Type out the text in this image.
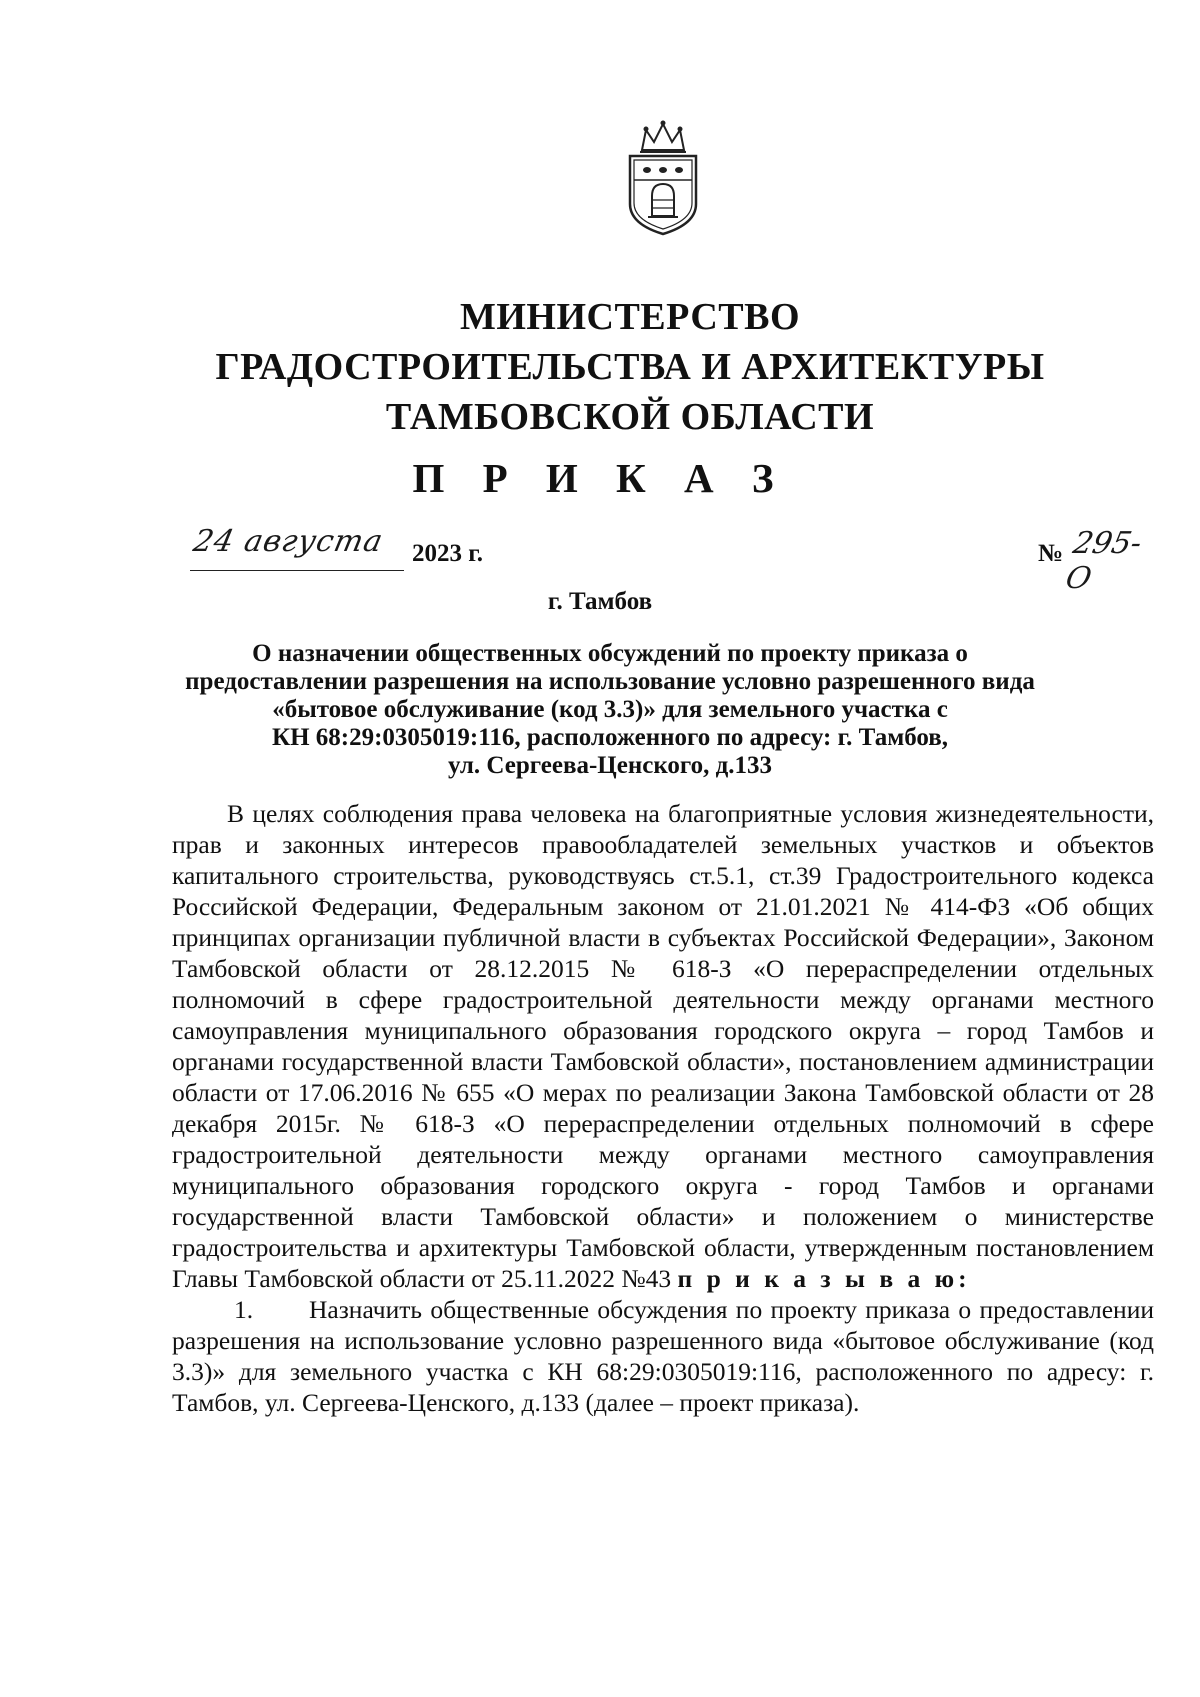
МИНИСТЕРСТВО
ГРАДОСТРОИТЕЛЬСТВА И АРХИТЕКТУРЫ
ТАМБОВСКОЙ ОБЛАСТИ
П Р И К А З
24 августа 2023 г.	№ 295-О
г. Тамбов
О назначении общественных обсуждений по проекту приказа о
предоставлении разрешения на использование условно разрешенного вида
«бытовое обслуживание (код 3.3)» для земельного участка с
КН 68:29:0305019:116, расположенного по адресу: г. Тамбов,
ул. Сергеева-Ценского, д.133

В целях соблюдения права человека на благоприятные условия жизнедеятельности, прав и законных интересов правообладателей земельных участков и объектов капитального строительства, руководствуясь ст.5.1, ст.39 Градостроительного кодекса Российской Федерации, Федеральным законом от 21.01.2021 № 414-ФЗ «Об общих принципах организации публичной власти в субъектах Российской Федерации», Законом Тамбовской области от 28.12.2015 № 618-З «О перераспределении отдельных полномочий в сфере градостроительной деятельности между органами местного самоуправления муниципального образования городского округа – город Тамбов и органами государственной власти Тамбовской области», постановлением администрации области от 17.06.2016 № 655 «О мерах по реализации Закона Тамбовской области от 28 декабря 2015г. № 618-З «О перераспределении отдельных полномочий в сфере градостроительной деятельности между органами местного самоуправления муниципального образования городского округа - город Тамбов и органами государственной власти Тамбовской области» и положением о министерстве градостроительства и архитектуры Тамбовской области, утвержденным постановлением Главы Тамбовской области от 25.11.2022 №43 п р и к а з ы в а ю:

1. Назначить общественные обсуждения по проекту приказа о предоставлении разрешения на использование условно разрешенного вида «бытовое обслуживание (код 3.3)» для земельного участка с КН 68:29:0305019:116, расположенного по адресу: г. Тамбов, ул. Сергеева-Ценского, д.133 (далее – проект приказа).
